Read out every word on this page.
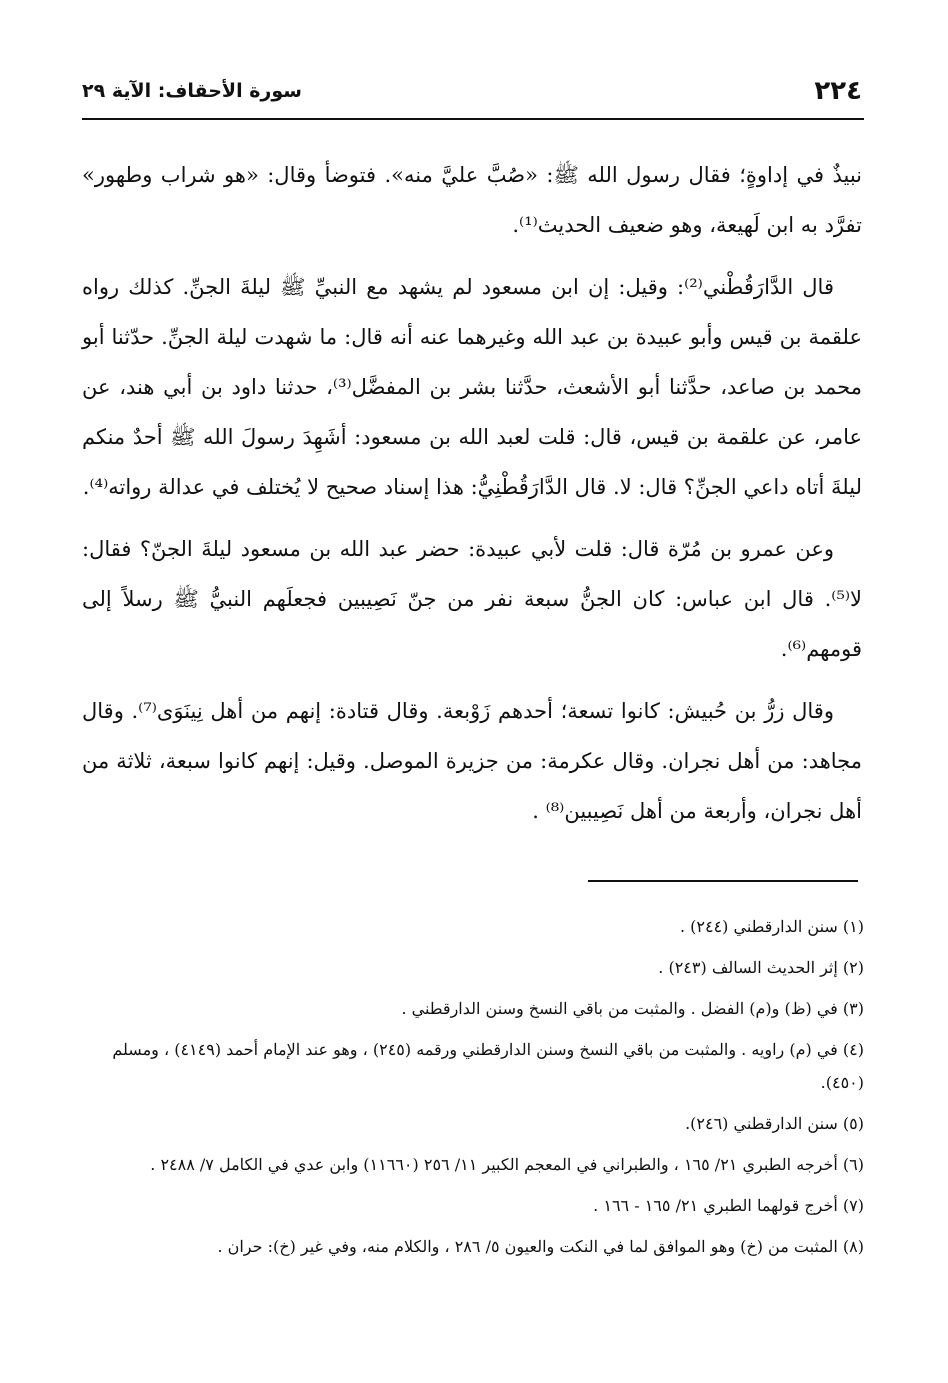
٢٢٤
سورة الأحقاف: الآية ٢٩

نبيذٌ في إداوةٍ؛ فقال رسول الله ﷺ: «صُبَّ عليَّ منه». فتوضأ وقال: «هو شراب وطهور» تفرَّد به ابن لَهيعة، وهو ضعيف الحديث⁽¹⁾.

قال الدَّارَقُطْني⁽²⁾: وقيل: إن ابن مسعود لم يشهد مع النبيِّ ﷺ ليلةَ الجنِّ. كذلك رواه علقمة بن قيس وأبو عبيدة بن عبد الله وغيرهما عنه أنه قال: ما شهدت ليلة الجنِّ. حدّثنا أبو محمد بن صاعد، حدَّثنا أبو الأشعث، حدَّثنا بشر بن المفضَّل⁽³⁾، حدثنا داود بن أبي هند، عن عامر، عن علقمة بن قيس، قال: قلت لعبد الله بن مسعود: أشَهِدَ رسولَ الله ﷺ أحدٌ منكم ليلةَ أتاه داعي الجنِّ؟ قال: لا. قال الدَّارَقُطْنِيُّ: هذا إسناد صحيح لا يُختلف في عدالة رواته⁽⁴⁾.

وعن عمرو بن مُرّة قال: قلت لأبي عبيدة: حضر عبد الله بن مسعود ليلةَ الجنّ؟ فقال: لا⁽⁵⁾. قال ابن عباس: كان الجنُّ سبعة نفر من جنّ نَصِيبين فجعلَهم النبيُّ ﷺ رسلاً إلى قومهم⁽⁶⁾.

وقال زرُّ بن حُبيش: كانوا تسعة؛ أحدهم زَوْبعة. وقال قتادة: إنهم من أهل نِينَوَى⁽⁷⁾. وقال مجاهد: من أهل نجران. وقال عكرمة: من جزيرة الموصل. وقيل: إنهم كانوا سبعة، ثلاثة من أهل نجران، وأربعة من أهل نَصِيبين⁽⁸⁾ .

(١) سنن الدارقطني (٢٤٤) .
(٢) إثر الحديث السالف (٢٤٣) .
(٣) في (ظ) و(م) الفضل . والمثبت من باقي النسخ وسنن الدارقطني .
(٤) في (م) راويه . والمثبت من باقي النسخ وسنن الدارقطني ورقمه (٢٤٥) ، وهو عند الإمام أحمد (٤١٤٩) ، ومسلم (٤٥٠).
(٥) سنن الدارقطني (٢٤٦).
(٦) أخرجه الطبري ٢١/ ١٦٥ ، والطبراني في المعجم الكبير ١١/ ٢٥٦ (١١٦٦٠) وابن عدي في الكامل ٧/ ٢٤٨٨ .
(٧) أخرج قولهما الطبري ٢١/ ١٦٥ - ١٦٦ .
(٨) المثبت من (خ) وهو الموافق لما في النكت والعيون ٥/ ٢٨٦ ، والكلام منه، وفي غير (خ): حران .
